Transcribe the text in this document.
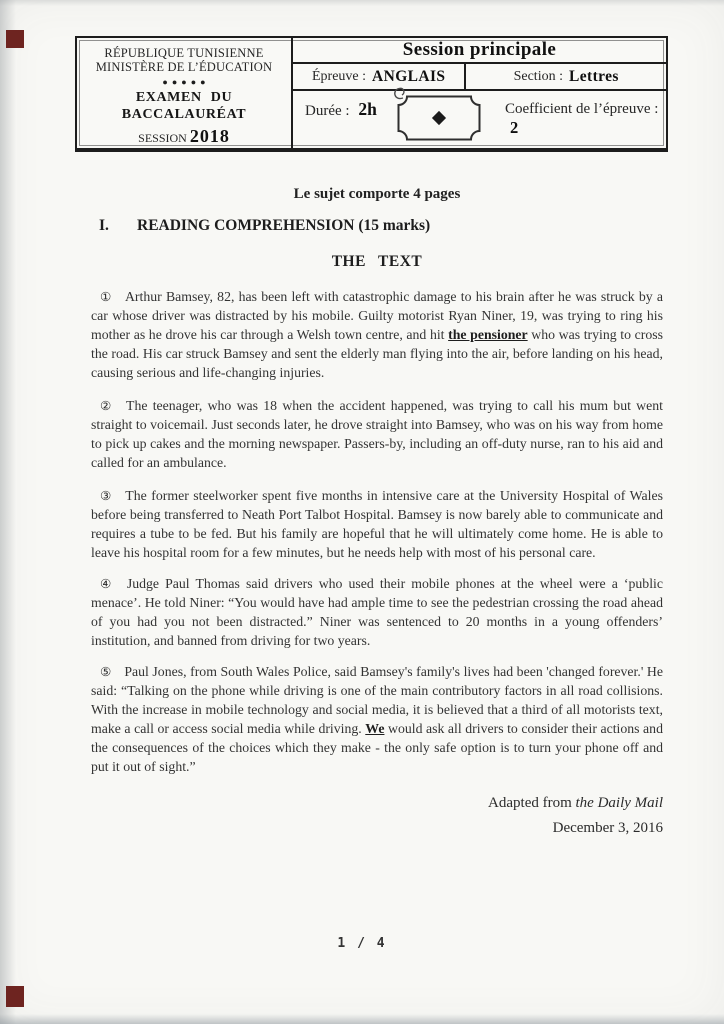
RÉPUBLIQUE TUNISIENNE
MINISTÈRE DE L’ÉDUCATION
●●●●●
EXAMEN DU BACCALAURÉAT
SESSION 2018
Session principale
Épreuve : ANGLAIS	Section : Lettres
Durée : 2h	Coefficient de l’épreuve : 2
Le sujet comporte 4 pages
I. READING COMPREHENSION (15 marks)
THE TEXT

① Arthur Bamsey, 82, has been left with catastrophic damage to his brain after he was struck by a car whose driver was distracted by his mobile. Guilty motorist Ryan Niner, 19, was trying to ring his mother as he drove his car through a Welsh town centre, and hit the pensioner who was trying to cross the road. His car struck Bamsey and sent the elderly man flying into the air, before landing on his head, causing serious and life-changing injuries.

② The teenager, who was 18 when the accident happened, was trying to call his mum but went straight to voicemail. Just seconds later, he drove straight into Bamsey, who was on his way from home to pick up cakes and the morning newspaper. Passers-by, including an off-duty nurse, ran to his aid and called for an ambulance.

③ The former steelworker spent five months in intensive care at the University Hospital of Wales before being transferred to Neath Port Talbot Hospital. Bamsey is now barely able to communicate and requires a tube to be fed. But his family are hopeful that he will ultimately come home. He is able to leave his hospital room for a few minutes, but he needs help with most of his personal care.

④ Judge Paul Thomas said drivers who used their mobile phones at the wheel were a ‘public menace’. He told Niner: “You would have had ample time to see the pedestrian crossing the road ahead of you had you not been distracted.” Niner was sentenced to 20 months in a young offenders’ institution, and banned from driving for two years.

⑤ Paul Jones, from South Wales Police, said Bamsey's family's lives had been 'changed forever.' He said: “Talking on the phone while driving is one of the main contributory factors in all road collisions. With the increase in mobile technology and social media, it is believed that a third of all motorists text, make a call or access social media while driving. We would ask all drivers to consider their actions and the consequences of the choices which they make - the only safe option is to turn your phone off and put it out of sight.”

Adapted from the Daily Mail
December 3, 2016
1 / 4
